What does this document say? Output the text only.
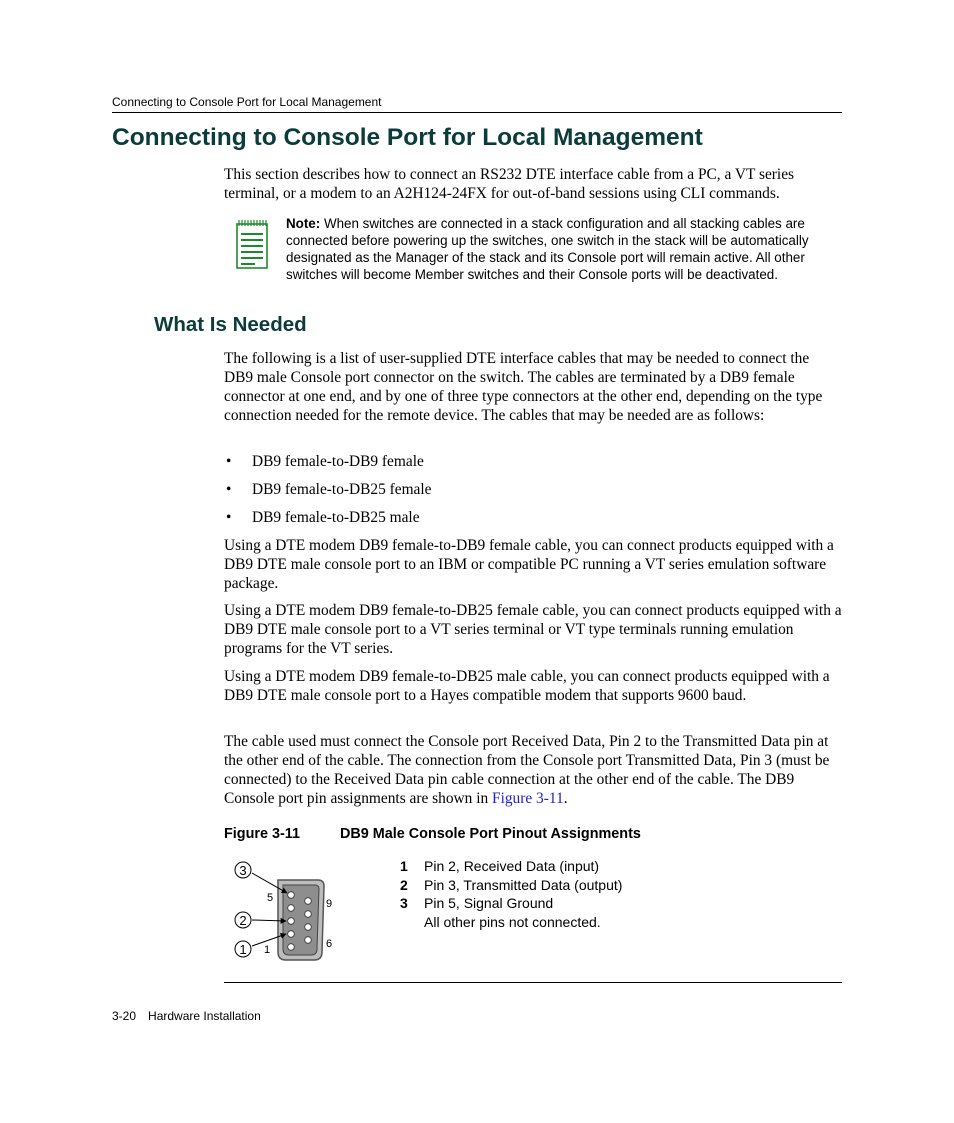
Connecting to Console Port for Local Management
Connecting to Console Port for Local Management

This section describes how to connect an RS232 DTE interface cable from a PC, a VT series terminal, or a modem to an A2H124-24FX for out-of-band sessions using CLI commands.

Note: When switches are connected in a stack configuration and all stacking cables are connected before powering up the switches, one switch in the stack will be automatically designated as the Manager of the stack and its Console port will remain active. All other switches will become Member switches and their Console ports will be deactivated.

What Is Needed

The following is a list of user-supplied DTE interface cables that may be needed to connect the DB9 male Console port connector on the switch. The cables are terminated by a DB9 female connector at one end, and by one of three type connectors at the other end, depending on the type connection needed for the remote device. The cables that may be needed are as follows:

• DB9 female-to-DB9 female
• DB9 female-to-DB25 female
• DB9 female-to-DB25 male

Using a DTE modem DB9 female-to-DB9 female cable, you can connect products equipped with a DB9 DTE male console port to an IBM or compatible PC running a VT series emulation software package.

Using a DTE modem DB9 female-to-DB25 female cable, you can connect products equipped with a DB9 DTE male console port to a VT series terminal or VT type terminals running emulation programs for the VT series.

Using a DTE modem DB9 female-to-DB25 male cable, you can connect products equipped with a DB9 DTE male console port to a Hayes compatible modem that supports 9600 baud.

The cable used must connect the Console port Received Data, Pin 2 to the Transmitted Data pin at the other end of the cable. The connection from the Console port Transmitted Data, Pin 3 (must be connected) to the Received Data pin cable connection at the other end of the cable. The DB9 Console port pin assignments are shown in Figure 3-11.

Figure 3-11	DB9 Male Console Port Pinout Assignments
3
2
1
5	9
1	6
1	Pin 2, Received Data (input)
2	Pin 3, Transmitted Data (output)
3	Pin 5, Signal Ground
All other pins not connected.
3-20 Hardware Installation
